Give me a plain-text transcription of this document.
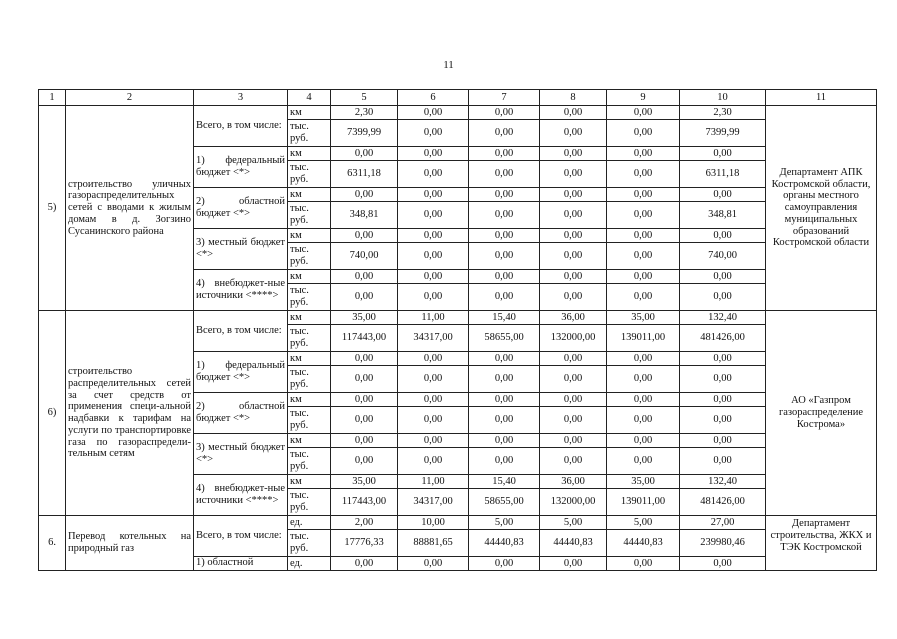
11
1	2	3	4	5	6	7	8	9	10	11
5)	строительство уличных газораспределительных сетей с вводами к жилым домам в д. Зогзино Сусанинского района	Всего, в том числе:	км	2,30	0,00	0,00	0,00	0,00	2,30	Департамент АПК Костромской области, органы местного самоуправления муниципальных образований Костромской области
			тыс. руб.	7399,99	0,00	0,00	0,00	0,00	7399,99	
		1) федеральный бюджет <*>	км	0,00	0,00	0,00	0,00	0,00	0,00	
			тыс. руб.	6311,18	0,00	0,00	0,00	0,00	6311,18	
		2) областной бюджет <*>	км	0,00	0,00	0,00	0,00	0,00	0,00	
			тыс. руб.	348,81	0,00	0,00	0,00	0,00	348,81	
		3) местный бюджет <*>	км	0,00	0,00	0,00	0,00	0,00	0,00	
			тыс. руб.	740,00	0,00	0,00	0,00	0,00	740,00	
		4) внебюджет-ные источники <****>	км	0,00	0,00	0,00	0,00	0,00	0,00	
			тыс. руб.	0,00	0,00	0,00	0,00	0,00	0,00	
6)	строительство распределительных сетей за счет средств от применения специ-альной надбавки к тарифам на услуги по транспортировке газа по газораспредели-тельным сетям	Всего, в том числе:	км	35,00	11,00	15,40	36,00	35,00	132,40	АО «Газпром газораспределение Кострома»
			тыс. руб.	117443,00	34317,00	58655,00	132000,00	139011,00	481426,00	
		1) федеральный бюджет <*>	км	0,00	0,00	0,00	0,00	0,00	0,00	
			тыс. руб.	0,00	0,00	0,00	0,00	0,00	0,00	
		2) областной бюджет <*>	км	0,00	0,00	0,00	0,00	0,00	0,00	
			тыс. руб.	0,00	0,00	0,00	0,00	0,00	0,00	
		3) местный бюджет <*>	км	0,00	0,00	0,00	0,00	0,00	0,00	
			тыс. руб.	0,00	0,00	0,00	0,00	0,00	0,00	
		4) внебюджет-ные источники <****>	км	35,00	11,00	15,40	36,00	35,00	132,40	
			тыс. руб.	117443,00	34317,00	58655,00	132000,00	139011,00	481426,00	
6.	Перевод котельных на природный газ	Всего, в том числе:	ед.	2,00	10,00	5,00	5,00	5,00	27,00	Департамент строительства, ЖКХ и ТЭК Костромской
			тыс. руб.	17776,33	88881,65	44440,83	44440,83	44440,83	239980,46	

		1) областной	ед.	0,00	0,00	0,00	0,00	0,00	0,00	
